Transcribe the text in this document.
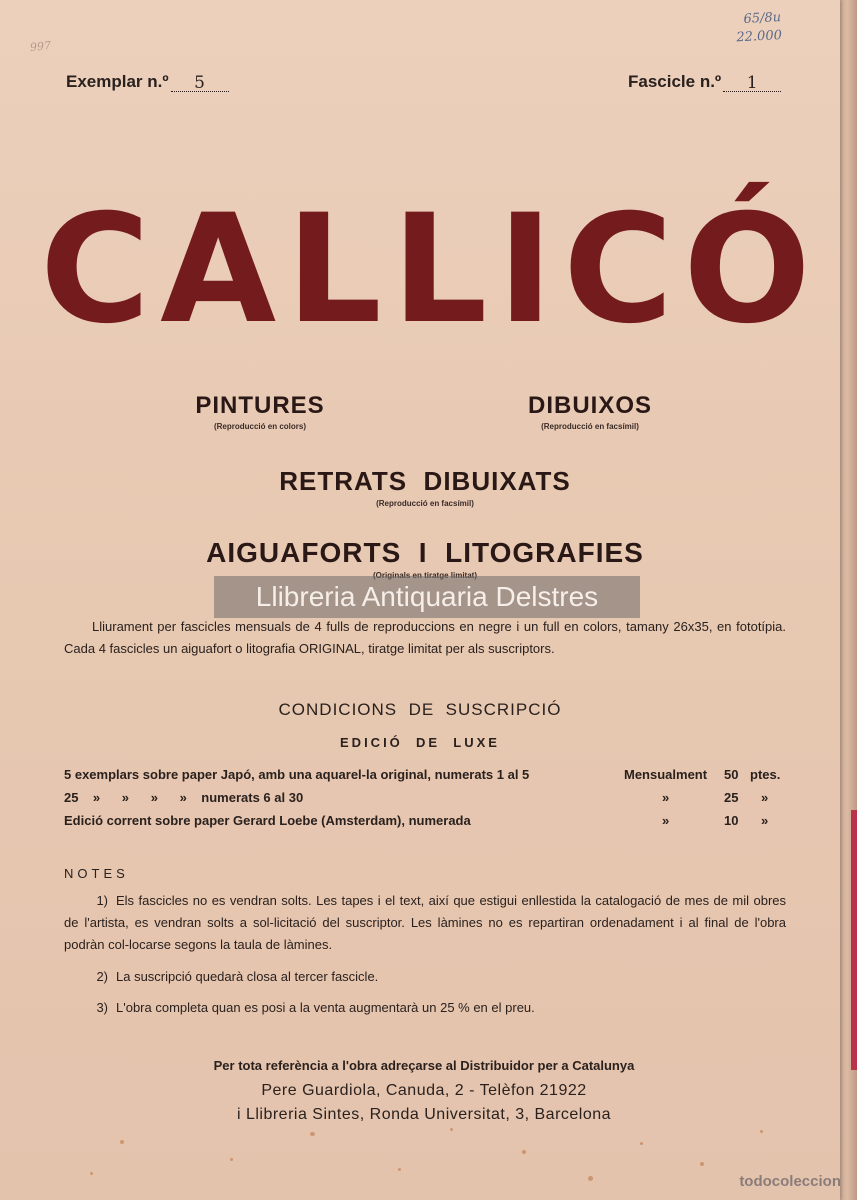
997
65/8u
22.000
Exemplar n.º	5	Fascicle n.º	1
CALLICÓ
PINTURES
(Reproducció en colors)
DIBUIXOS
(Reproducció en facsímil)
RETRATS  DIBUIXATS
(Reproducció en facsímil)
AIGUAFORTS  I  LITOGRAFIES
Llibreria Antiquaria Delstres
Lliurament per fascicles mensuals de 4 fulls de reproduccions en negre i un full en colors, tamany 26x35, en fototípia. Cada 4 fascicles un aiguafort o litografia ORIGINAL, tiratge limitat per als suscriptors.
CONDICIONS  DE  SUSCRIPCIÓ
EDICIÓ  DE  LUXE
5 exemplars sobre paper Japó, amb una aquarel-la original, numerats 1 al 5	Mensualment 50 ptes.
25    »      »      »      »    numerats 6 al 30	»	25 »
Edició corrent sobre paper Gerard Loebe (Amsterdam), numerada	»	10 »
NOTES
1) Els fascicles no es vendran solts. Les tapes i el text, així que estigui enllestida la catalogació de mes de mil obres de l'artista, es vendran solts a sol-licitació del suscriptor. Les làmines no es repartiran ordenadament i al final de l'obra podràn col-locarse segons la taula de làmines.
2) La suscripció quedarà closa al tercer fascicle.
3) L'obra completa quan es posi a la venta augmentarà un 25 % en el preu.
Per tota referència a l'obra adreçarse al Distribuidor per a Catalunya
Pere Guardiola, Canuda, 2 - Telèfon 21922
i Llibreria Sintes, Ronda Universitat, 3, Barcelona
todocoleccion
